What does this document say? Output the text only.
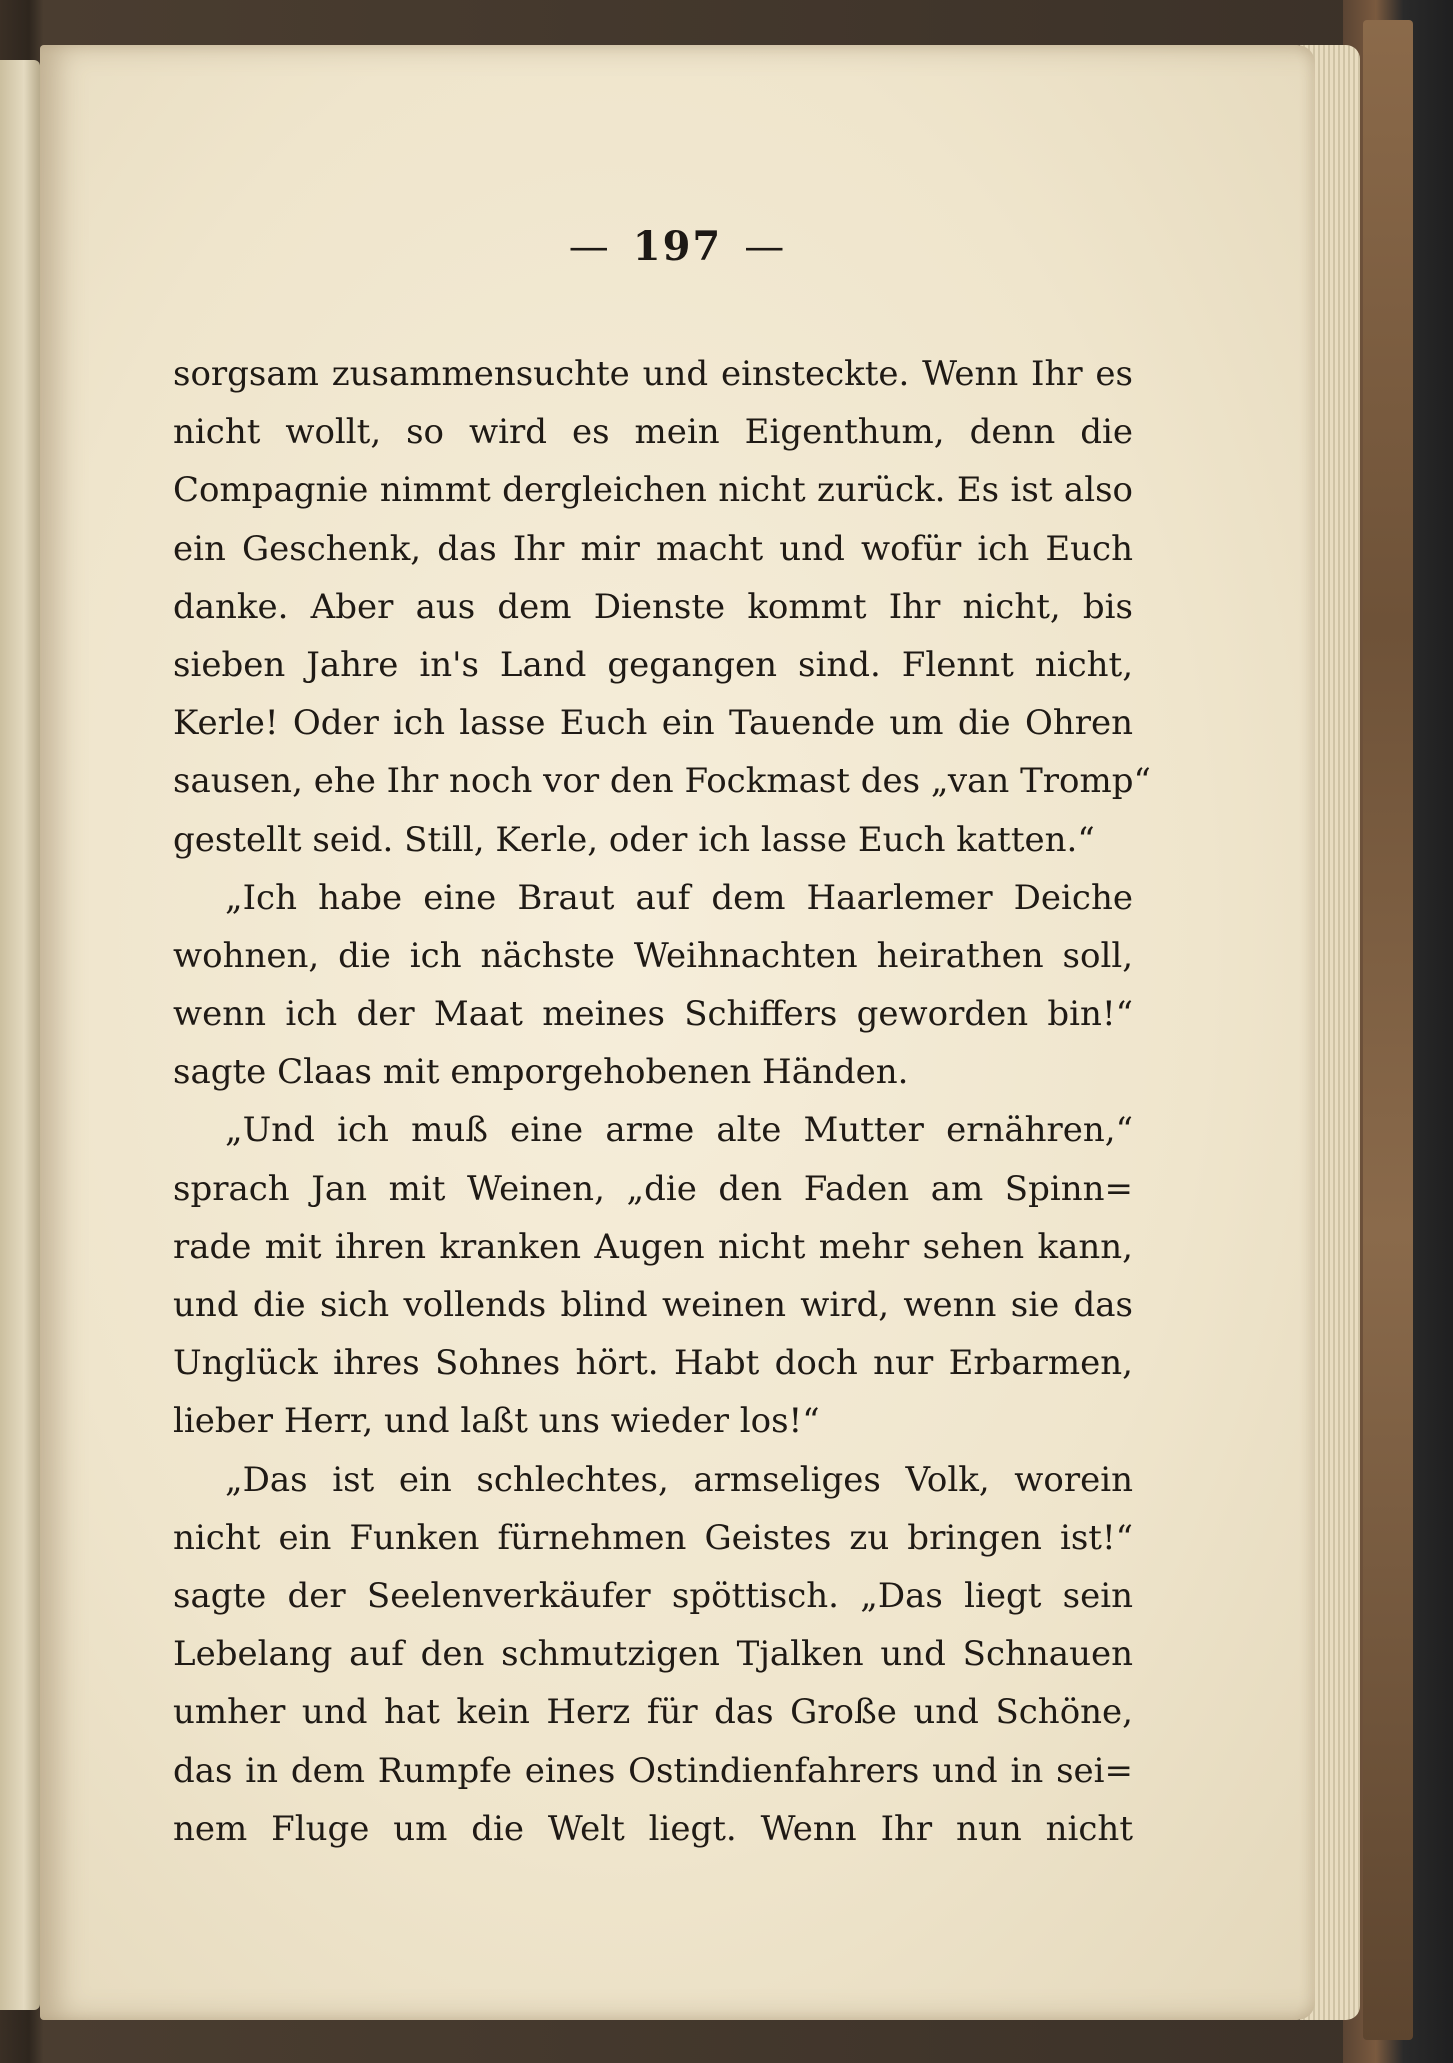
— 197 —
sorgsam zusammensuchte und einsteckte. Wenn Ihr es
nicht wollt, so wird es mein Eigenthum, denn die
Compagnie nimmt dergleichen nicht zurück. Es ist also
ein Geschenk, das Ihr mir macht und wofür ich Euch
danke. Aber aus dem Dienste kommt Ihr nicht, bis
sieben Jahre in's Land gegangen sind. Flennt nicht,
Kerle! Oder ich lasse Euch ein Tauende um die Ohren
sausen, ehe Ihr noch vor den Fockmast des „van Tromp“
gestellt seid. Still, Kerle, oder ich lasse Euch katten.“
„Ich habe eine Braut auf dem Haarlemer Deiche
wohnen, die ich nächste Weihnachten heirathen soll,
wenn ich der Maat meines Schiffers geworden bin!“
sagte Claas mit emporgehobenen Händen.
„Und ich muß eine arme alte Mutter ernähren,“
sprach Jan mit Weinen, „die den Faden am Spinn=
rade mit ihren kranken Augen nicht mehr sehen kann,
und die sich vollends blind weinen wird, wenn sie das
Unglück ihres Sohnes hört. Habt doch nur Erbarmen,
lieber Herr, und laßt uns wieder los!“
„Das ist ein schlechtes, armseliges Volk, worein
nicht ein Funken fürnehmen Geistes zu bringen ist!“
sagte der Seelenverkäufer spöttisch. „Das liegt sein
Lebelang auf den schmutzigen Tjalken und Schnauen
umher und hat kein Herz für das Große und Schöne,
das in dem Rumpfe eines Ostindienfahrers und in sei=
nem Fluge um die Welt liegt. Wenn Ihr nun nicht
